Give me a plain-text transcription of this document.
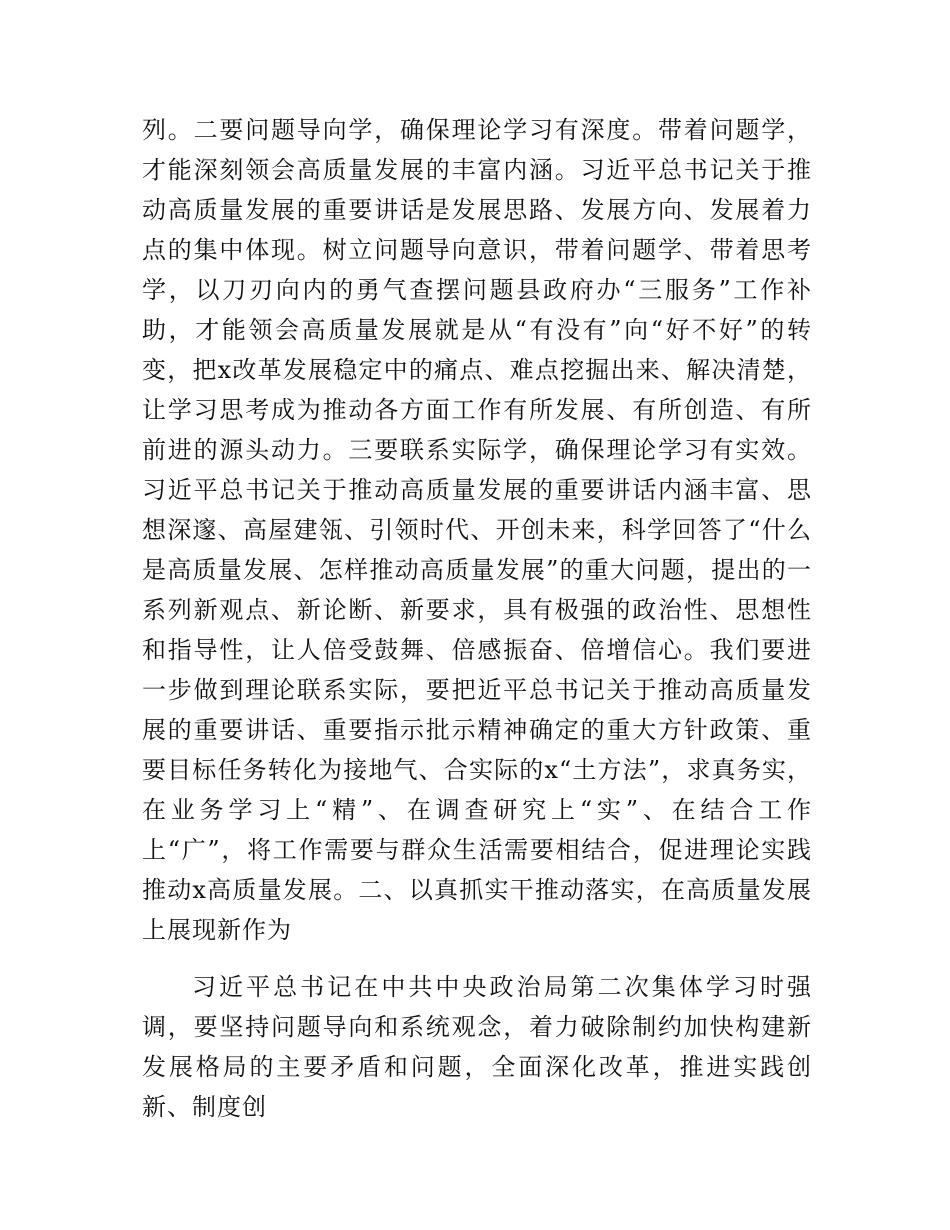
列。二要问题导向学，确保理论学习有深度。带着问题学，才能深刻领会高质量发展的丰富内涵。习近平总书记关于推动高质量发展的重要讲话是发展思路、发展方向、发展着力点的集中体现。树立问题导向意识，带着问题学、带着思考学，以刀刃向内的勇气查摆问题县政府办“三服务”工作补助，才能领会高质量发展就是从“有没有”向“好不好”的转变，把x改革发展稳定中的痛点、难点挖掘出来、解决清楚，让学习思考成为推动各方面工作有所发展、有所创造、有所前进的源头动力。三要联系实际学，确保理论学习有实效。习近平总书记关于推动高质量发展的重要讲话内涵丰富、思想深邃、高屋建瓴、引领时代、开创未来，科学回答了“什么是高质量发展、怎样推动高质量发展”的重大问题，提出的一系列新观点、新论断、新要求，具有极强的政治性、思想性和指导性，让人倍受鼓舞、倍感振奋、倍增信心。我们要进一步做到理论联系实际，要把近平总书记关于推动高质量发展的重要讲话、重要指示批示精神确定的重大方针政策、重要目标任务转化为接地气、合实际的x“土方法”，求真务实，在业务学习上“精”、在调查研究上“实”、在结合工作上“广”，将工作需要与群众生活需要相结合，促进理论实践推动x高质量发展。二、以真抓实干推动落实，在高质量发展上展现新作为

习近平总书记在中共中央政治局第二次集体学习时强调，要坚持问题导向和系统观念，着力破除制约加快构建新发展格局的主要矛盾和问题，全面深化改革，推进实践创新、制度创
